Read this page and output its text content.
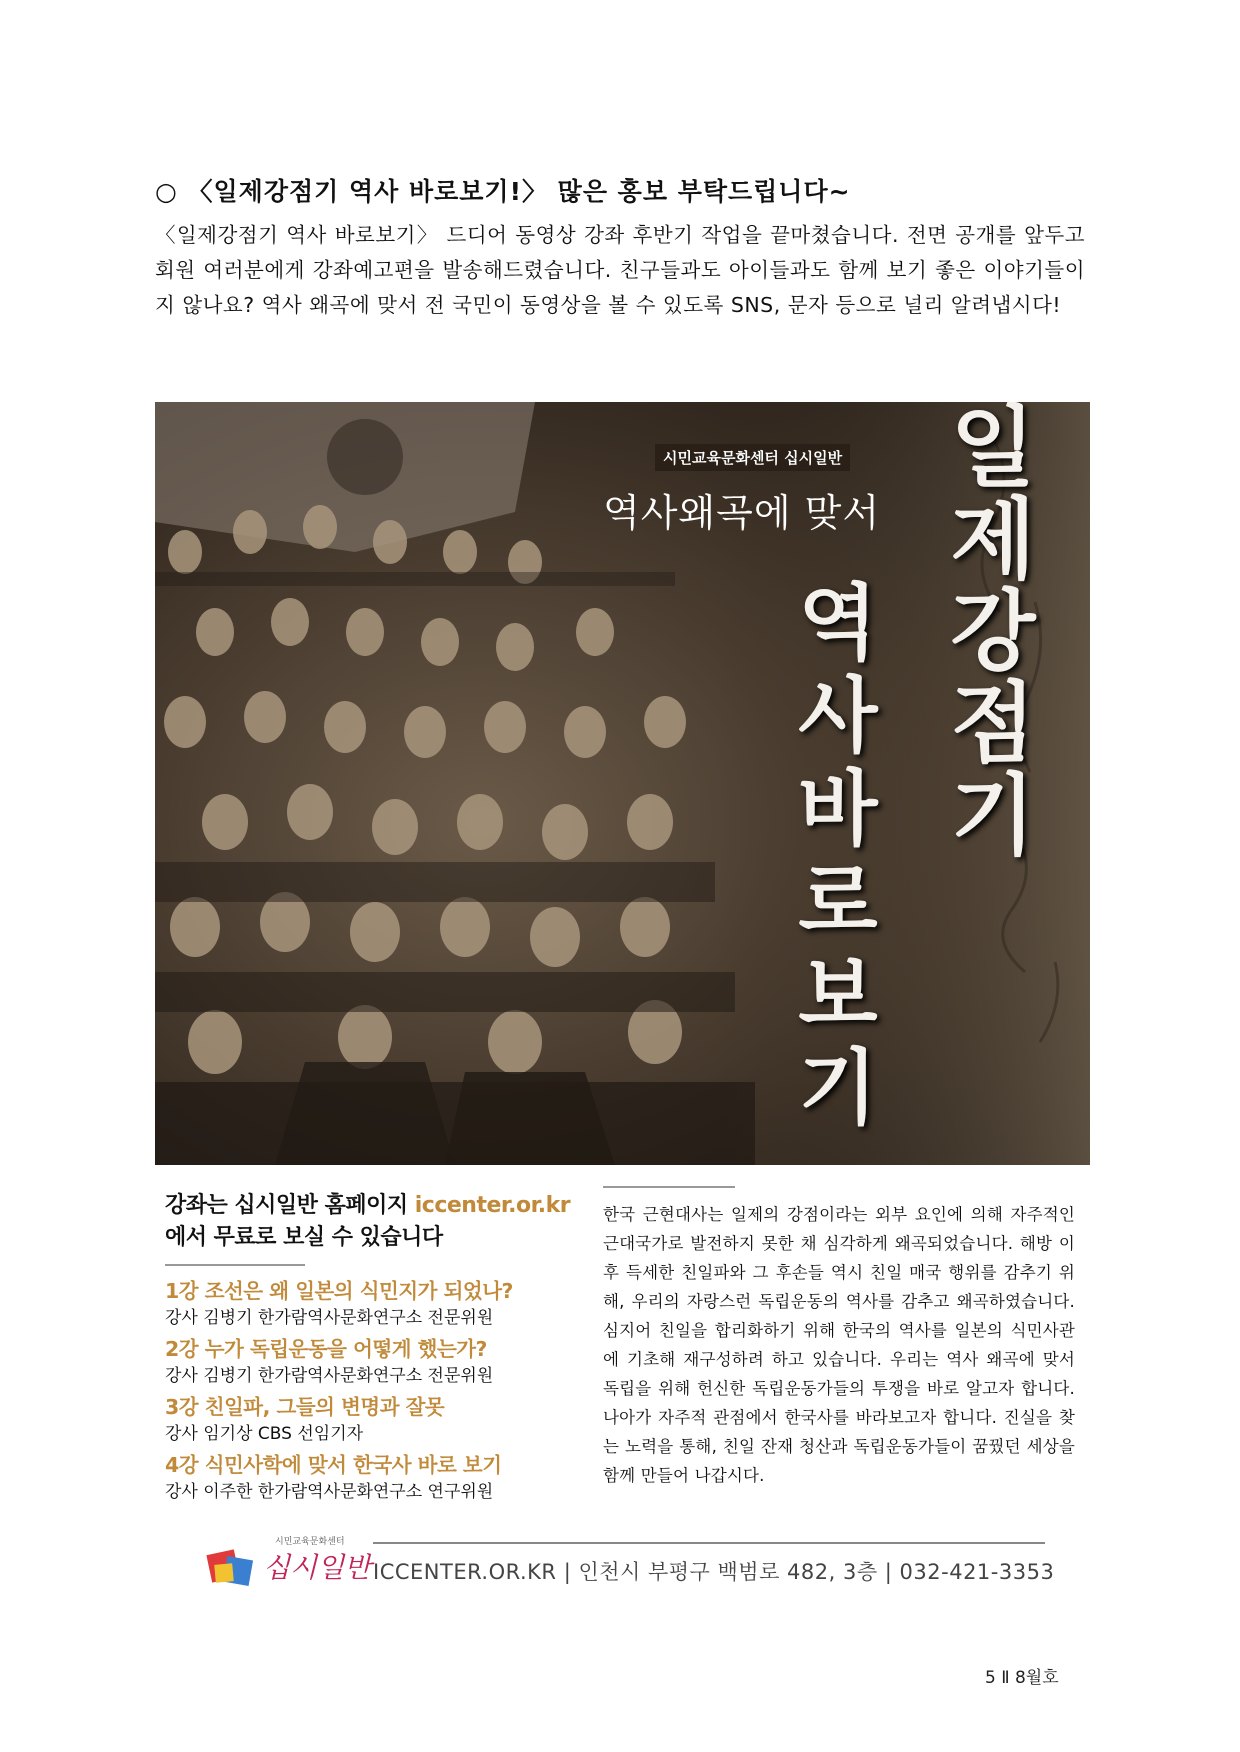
○ 〈일제강점기 역사 바로보기!〉 많은 홍보 부탁드립니다~
〈일제강점기 역사 바로보기〉 드디어 동영상 강좌 후반기 작업을 끝마쳤습니다. 전면 공개를 앞두고 회원 여러분에게 강좌예고편을 발송해드렸습니다. 친구들과도 아이들과도 함께 보기 좋은 이야기들이지 않나요? 역사 왜곡에 맞서 전 국민이 동영상을 볼 수 있도록 SNS, 문자 등으로 널리 알려냅시다!
시민교육문화센터 십시일반
역사왜곡에 맞서
일
제
강
점
기
역
사
바
로
보
기
강좌는 십시일반 홈페이지 iccenter.or.kr
에서 무료로 보실 수 있습니다
1강 조선은 왜 일본의 식민지가 되었나?
강사 김병기 한가람역사문화연구소 전문위원
2강 누가 독립운동을 어떻게 했는가?
강사 김병기 한가람역사문화연구소 전문위원
3강 친일파, 그들의 변명과 잘못
강사 임기상 CBS 선임기자
4강 식민사학에 맞서 한국사 바로 보기
강사 이주한 한가람역사문화연구소 연구위원
한국 근현대사는 일제의 강점이라는 외부 요인에 의해 자주적인 근대국가로 발전하지 못한 채 심각하게 왜곡되었습니다. 해방 이후 득세한 친일파와 그 후손들 역시 친일 매국 행위를 감추기 위해, 우리의 자랑스런 독립운동의 역사를 감추고 왜곡하였습니다. 심지어 친일을 합리화하기 위해 한국의 역사를 일본의 식민사관에 기초해 재구성하려 하고 있습니다. 우리는 역사 왜곡에 맞서 독립을 위해 헌신한 독립운동가들의 투쟁을 바로 알고자 합니다. 나아가 자주적 관점에서 한국사를 바라보고자 합니다. 진실을 찾는 노력을 통해, 친일 잔재 청산과 독립운동가들이 꿈꿨던 세상을 함께 만들어 나갑시다.
시민교육문화센터
십시일반 ICCENTER.OR.KR | 인천시 부평구 백범로 482, 3층 | 032-421-3353
5 Ⅱ 8월호
